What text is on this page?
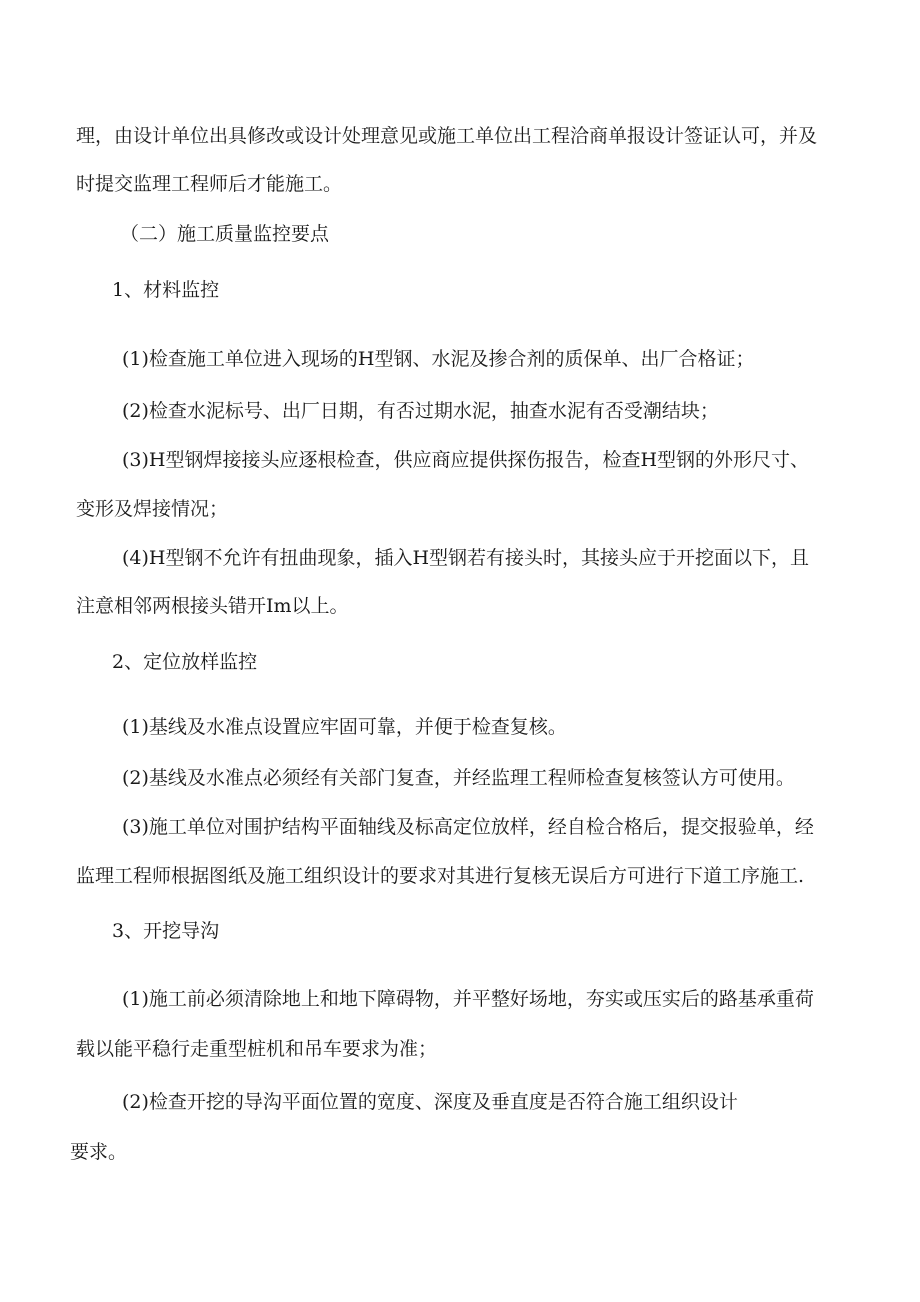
理，由设计单位出具修改或设计处理意见或施工单位出工程洽商单报设计签证认可，并及
时提交监理工程师后才能施工。
（二）施工质量监控要点
1、材料监控
(1)检查施工单位进入现场的H型钢、水泥及掺合剂的质保单、出厂合格证；
(2)检查水泥标号、出厂日期，有否过期水泥，抽查水泥有否受潮结块；
(3)H型钢焊接接头应逐根检查，供应商应提供探伤报告，检查H型钢的外形尺寸、
变形及焊接情况；
(4)H型钢不允许有扭曲现象，插入H型钢若有接头时，其接头应于开挖面以下，且
注意相邻两根接头错开Im以上。
2、定位放样监控
(1)基线及水准点设置应牢固可靠，并便于检查复核。
(2)基线及水准点必须经有关部门复查，并经监理工程师检查复核签认方可使用。
(3)施工单位对围护结构平面轴线及标高定位放样，经自检合格后，提交报验单，经
监理工程师根据图纸及施工组织设计的要求对其进行复核无误后方可进行下道工序施工.
3、开挖导沟
(1)施工前必须清除地上和地下障碍物，并平整好场地，夯实或压实后的路基承重荷
载以能平稳行走重型桩机和吊车要求为准；
(2)检查开挖的导沟平面位置的宽度、深度及垂直度是否符合施工组织设计
要求。
